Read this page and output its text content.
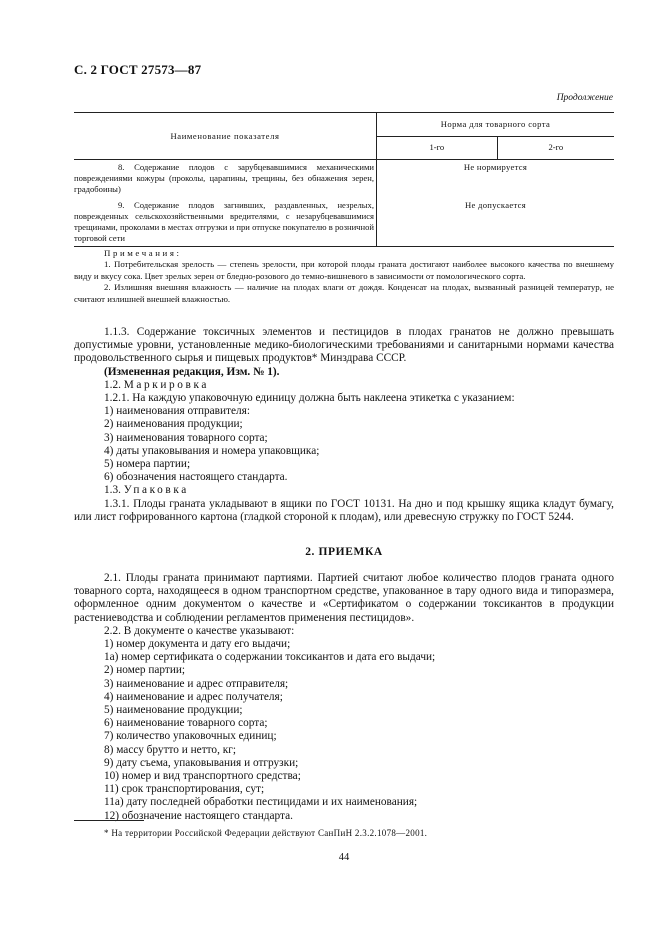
С. 2 ГОСТ 27573—87
Продолжение
Наименование показателя	Норма для товарного сорта	
	1-го	2-го
8. Содержание плодов с зарубцевавшимися механическими повреждениями кожуры (проколы, царапины, трещины, без обнажения зерен, градобоины)	Не нормируется	
9. Содержание плодов загнивших, раздавленных, незрелых, поврежденных сельскохозяйственными вредителями, с незарубцевавшимися трещинами, проколами в местах отгрузки и при отпуске покупателю в розничной торговой сети	Не допускается	

Примечания:

1. Потребительская зрелость — степень зрелости, при которой плоды граната достигают наиболее высокого качества по внешнему виду и вкусу сока. Цвет зрелых зерен от бледно-розового до темно-вишневого в зависимости от помологического сорта.

2. Излишняя внешняя влажность — наличие на плодах влаги от дождя. Конденсат на плодах, вызванный разницей температур, не считают излишней внешней влажностью.

1.1.3. Содержание токсичных элементов и пестицидов в плодах гранатов не должно превышать допустимые уровни, установленные медико-биологическими требованиями и санитарными нормами качества продовольственного сырья и пищевых продуктов* Минздрава СССР.

(Измененная редакция, Изм. № 1).

1.2. Маркировка

1.2.1. На каждую упаковочную единицу должна быть наклеена этикетка с указанием:

1) наименования отправителя:

2) наименования продукции;

3) наименования товарного сорта;

4) даты упаковывания и номера упаковщика;

5) номера партии;

6) обозначения настоящего стандарта.

1.3. Упаковка

1.3.1. Плоды граната укладывают в ящики по ГОСТ 10131. На дно и под крышку ящика кладут бумагу, или лист гофрированного картона (гладкой стороной к плодам), или древесную стружку по ГОСТ 5244.

2. ПРИЕМКА

2.1. Плоды граната принимают партиями. Партией считают любое количество плодов граната одного товарного сорта, находящееся в одном транспортном средстве, упакованное в тару одного вида и типоразмера, оформленное одним документом о качестве и «Сертификатом о содержании токсикантов в продукции растениеводства и соблюдении регламентов применения пестицидов».

2.2. В документе о качестве указывают:

1) номер документа и дату его выдачи;

1а) номер сертификата о содержании токсикантов и дата его выдачи;

2) номер партии;

3) наименование и адрес отправителя;

4) наименование и адрес получателя;

5) наименование продукции;

6) наименование товарного сорта;

7) количество упаковочных единиц;

8) массу брутто и нетто, кг;

9) дату съема, упаковывания и отгрузки;

10) номер и вид транспортного средства;

11) срок транспортирования, сут;

11а) дату последней обработки пестицидами и их наименования;

12) обозначение настоящего стандарта.

* На территории Российской Федерации действуют СанПиН 2.3.2.1078—2001.
44
